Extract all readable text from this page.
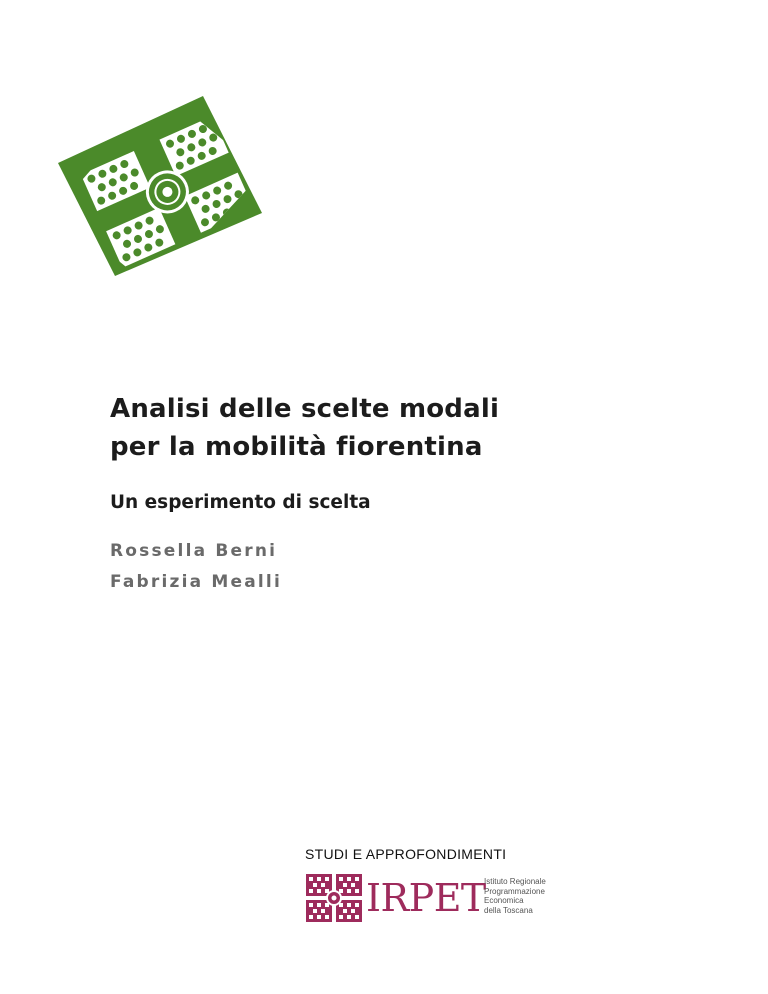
Analisi delle scelte modali
per la mobilità fiorentina
Un esperimento di scelta
Rossella Berni
Fabrizia Mealli
STUDI E APPROFONDIMENTI
IRPET
Istituto Regionale
Programmazione
Economica
della Toscana
